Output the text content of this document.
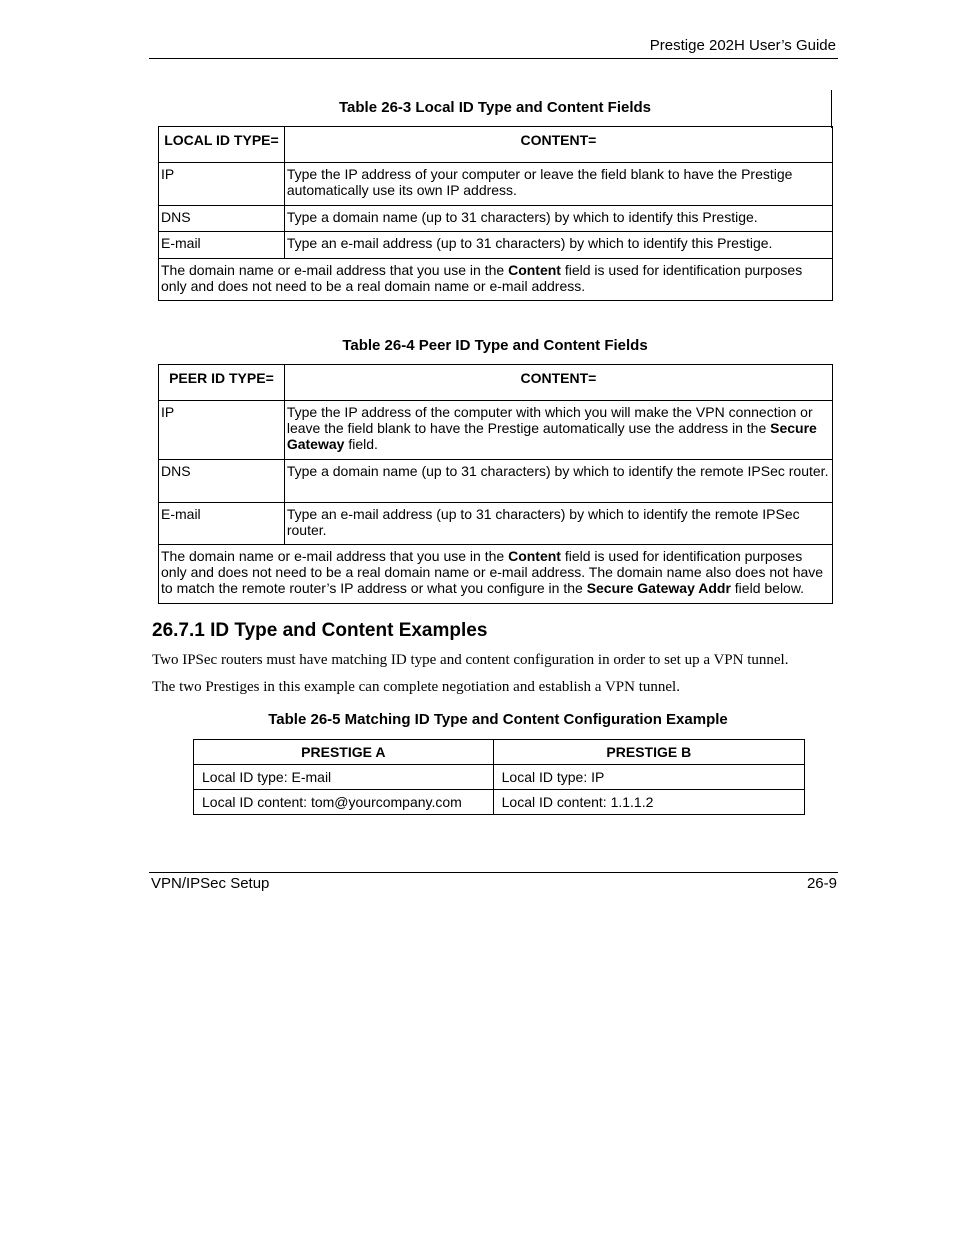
Prestige 202H User’s Guide
Table 26-3 Local ID Type and Content Fields
LOCAL ID TYPE=	CONTENT=
IP	Type the IP address of your computer or leave the field blank to have the Prestige automatically use its own IP address.
DNS	Type a domain name (up to 31 characters) by which to identify this Prestige.
E-mail	Type an e-mail address (up to 31 characters) by which to identify this Prestige.
The domain name or e-mail address that you use in the Content field is used for identification purposes only and does not need to be a real domain name or e-mail address.	
Table 26-4 Peer ID Type and Content Fields
PEER ID TYPE=	CONTENT=
IP	Type the IP address of the computer with which you will make the VPN connection or leave the field blank to have the Prestige automatically use the address in the Secure Gateway field.
DNS	Type a domain name (up to 31 characters) by which to identify the remote IPSec router.
E-mail	Type an e-mail address (up to 31 characters) by which to identify the remote IPSec router.
The domain name or e-mail address that you use in the Content field is used for identification purposes only and does not need to be a real domain name or e-mail address. The domain name also does not have to match the remote router’s IP address or what you configure in the Secure Gateway Addr field below.	
26.7.1 ID Type and Content Examples
Two IPSec routers must have matching ID type and content configuration in order to set up a VPN tunnel.
The two Prestiges in this example can complete negotiation and establish a VPN tunnel.
Table 26-5 Matching ID Type and Content Configuration Example
PRESTIGE A	PRESTIGE B
Local ID type: E-mail	Local ID type: IP
Local ID content: tom@yourcompany.com	Local ID content: 1.1.1.2
VPN/IPSec Setup	26-9
